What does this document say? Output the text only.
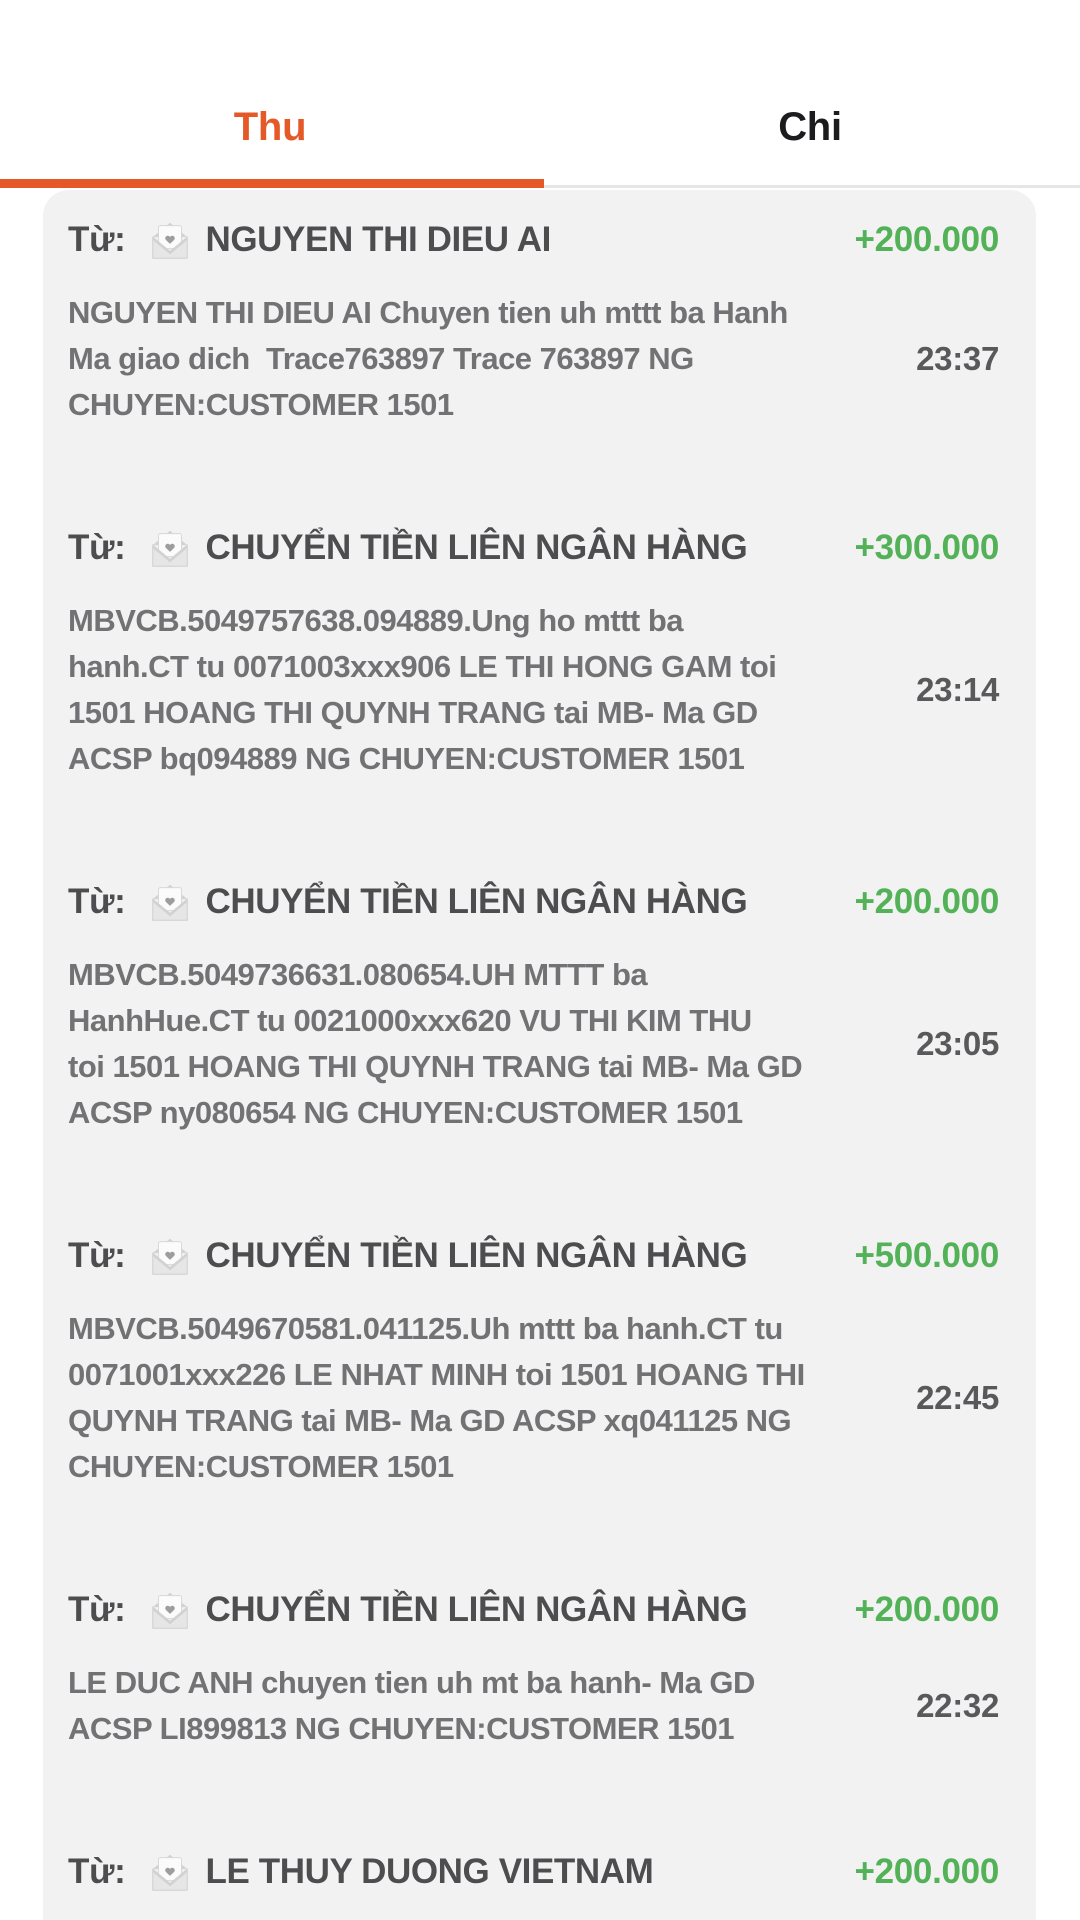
Thu	Chi
Từ: NGUYEN THI DIEU AI	+200.000
NGUYEN THI DIEU AI Chuyen tien uh mttt ba Hanh
Ma giao dich  Trace763897 Trace 763897 NG
CHUYEN:CUSTOMER 1501
23:37
Từ: CHUYỂN TIỀN LIÊN NGÂN HÀNG	+300.000
MBVCB.5049757638.094889.Ung ho mttt ba
hanh.CT tu 0071003xxx906 LE THI HONG GAM toi
1501 HOANG THI QUYNH TRANG tai MB- Ma GD
ACSP bq094889 NG CHUYEN:CUSTOMER 1501
23:14
Từ: CHUYỂN TIỀN LIÊN NGÂN HÀNG	+200.000
MBVCB.5049736631.080654.UH MTTT ba
HanhHue.CT tu 0021000xxx620 VU THI KIM THU
toi 1501 HOANG THI QUYNH TRANG tai MB- Ma GD
ACSP ny080654 NG CHUYEN:CUSTOMER 1501
23:05
Từ: CHUYỂN TIỀN LIÊN NGÂN HÀNG	+500.000
MBVCB.5049670581.041125.Uh mttt ba hanh.CT tu
0071001xxx226 LE NHAT MINH toi 1501 HOANG THI
QUYNH TRANG tai MB- Ma GD ACSP xq041125 NG
CHUYEN:CUSTOMER 1501
22:45
Từ: CHUYỂN TIỀN LIÊN NGÂN HÀNG	+200.000
LE DUC ANH chuyen tien uh mt ba hanh- Ma GD
ACSP LI899813 NG CHUYEN:CUSTOMER 1501
22:32
Từ: LE THUY DUONG VIETNAM	+200.000
